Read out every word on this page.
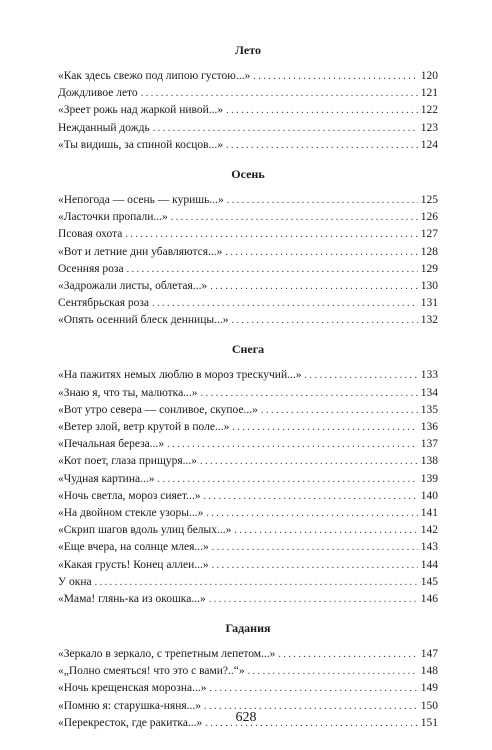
Лето
«Как здесь свежо под липою густою...» . . .	120
Дождливое лето . . .	121
«Зреет рожь над жаркой нивой...» . . .	122
Нежданный дождь . . .	123
«Ты видишь, за спиной косцов...» . . .	124
Осень
«Непогода — осень — куришь...» . . .	125
«Ласточки пропали...» . . .	126
Псовая охота . . .	127
«Вот и летние дни убавляются...» . . .	128
Осенняя роза . . .	129
«Задрожали листы, облетая...» . . .	130
Сентябрьская роза . . .	131
«Опять осенний блеск денницы...» . . .	132
Снега
«На пажитях немых люблю в мороз трескучий...» . . .	133
«Знаю я, что ты, малютка...» . . .	134
«Вот утро севера — сонливое, скупое...» . . .	135
«Ветер злой, ветр крутой в поле...» . . .	136
«Печальная береза...» . . .	137
«Кот поет, глаза прищуря...» . . .	138
«Чудная картина...» . . .	139
«Ночь светла, мороз сияет...» . . .	140
«На двойном стекле узоры...» . . .	141
«Скрип шагов вдоль улиц белых...» . . .	142
«Еще вчера, на солнце млея...» . . .	143
«Какая грусть! Конец аллеи...» . . .	144
У окна . . .	145
«Мама! глянь-ка из окошка...» . . .	146
Гадания
«Зеркало в зеркало, с трепетным лепетом...» . . .	147
«„Полно смеяться! что это с вами?..“» . . .	148
«Ночь крещенская морозна...» . . .	149
«Помню я: старушка-няня...» . . .	150
«Перекресток, где ракитка...» . . .	151
628
